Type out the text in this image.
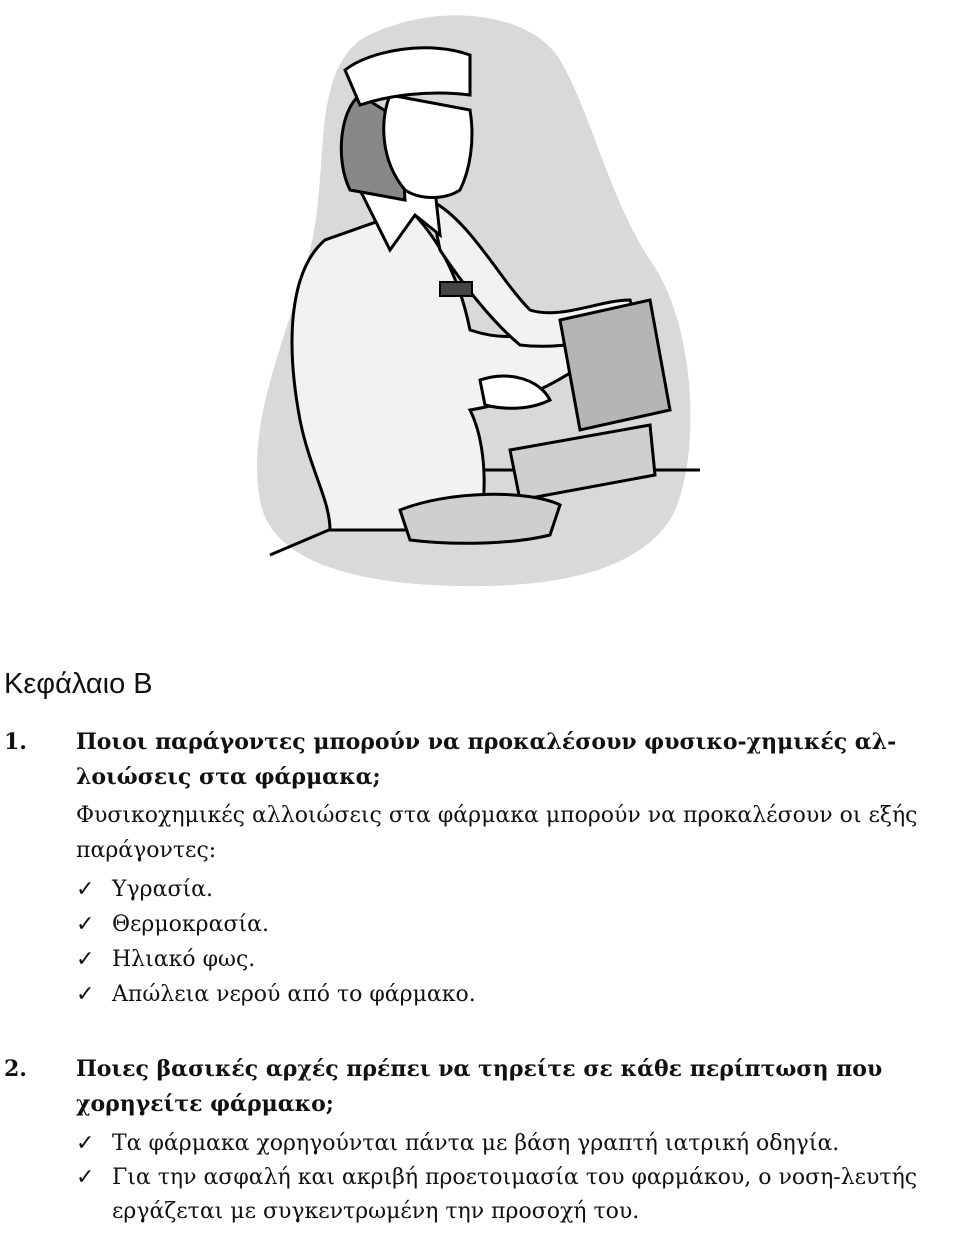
Κεφάλαιο Β
1. Ποιοι παράγοντες μπορούν να προκαλέσουν φυσικο-χημικές αλ-λοιώσεις στα φάρμακα;
Φυσικοχημικές αλλοιώσεις στα φάρμακα μπορούν να προκαλέσουν οι εξής παράγοντες:
✓ Υγρασία.
✓ Θερμοκρασία.
✓ Ηλιακό φως.
✓ Απώλεια νερού από το φάρμακο.
2. Ποιες βασικές αρχές πρέπει να τηρείτε σε κάθε περίπτωση που χορηγείτε φάρμακο;
✓ Τα φάρμακα χορηγούνται πάντα με βάση γραπτή ιατρική οδηγία.
✓ Για την ασφαλή και ακριβή προετοιμασία του φαρμάκου, ο νοση-λευτής εργάζεται με συγκεντρωμένη την προσοχή του.
